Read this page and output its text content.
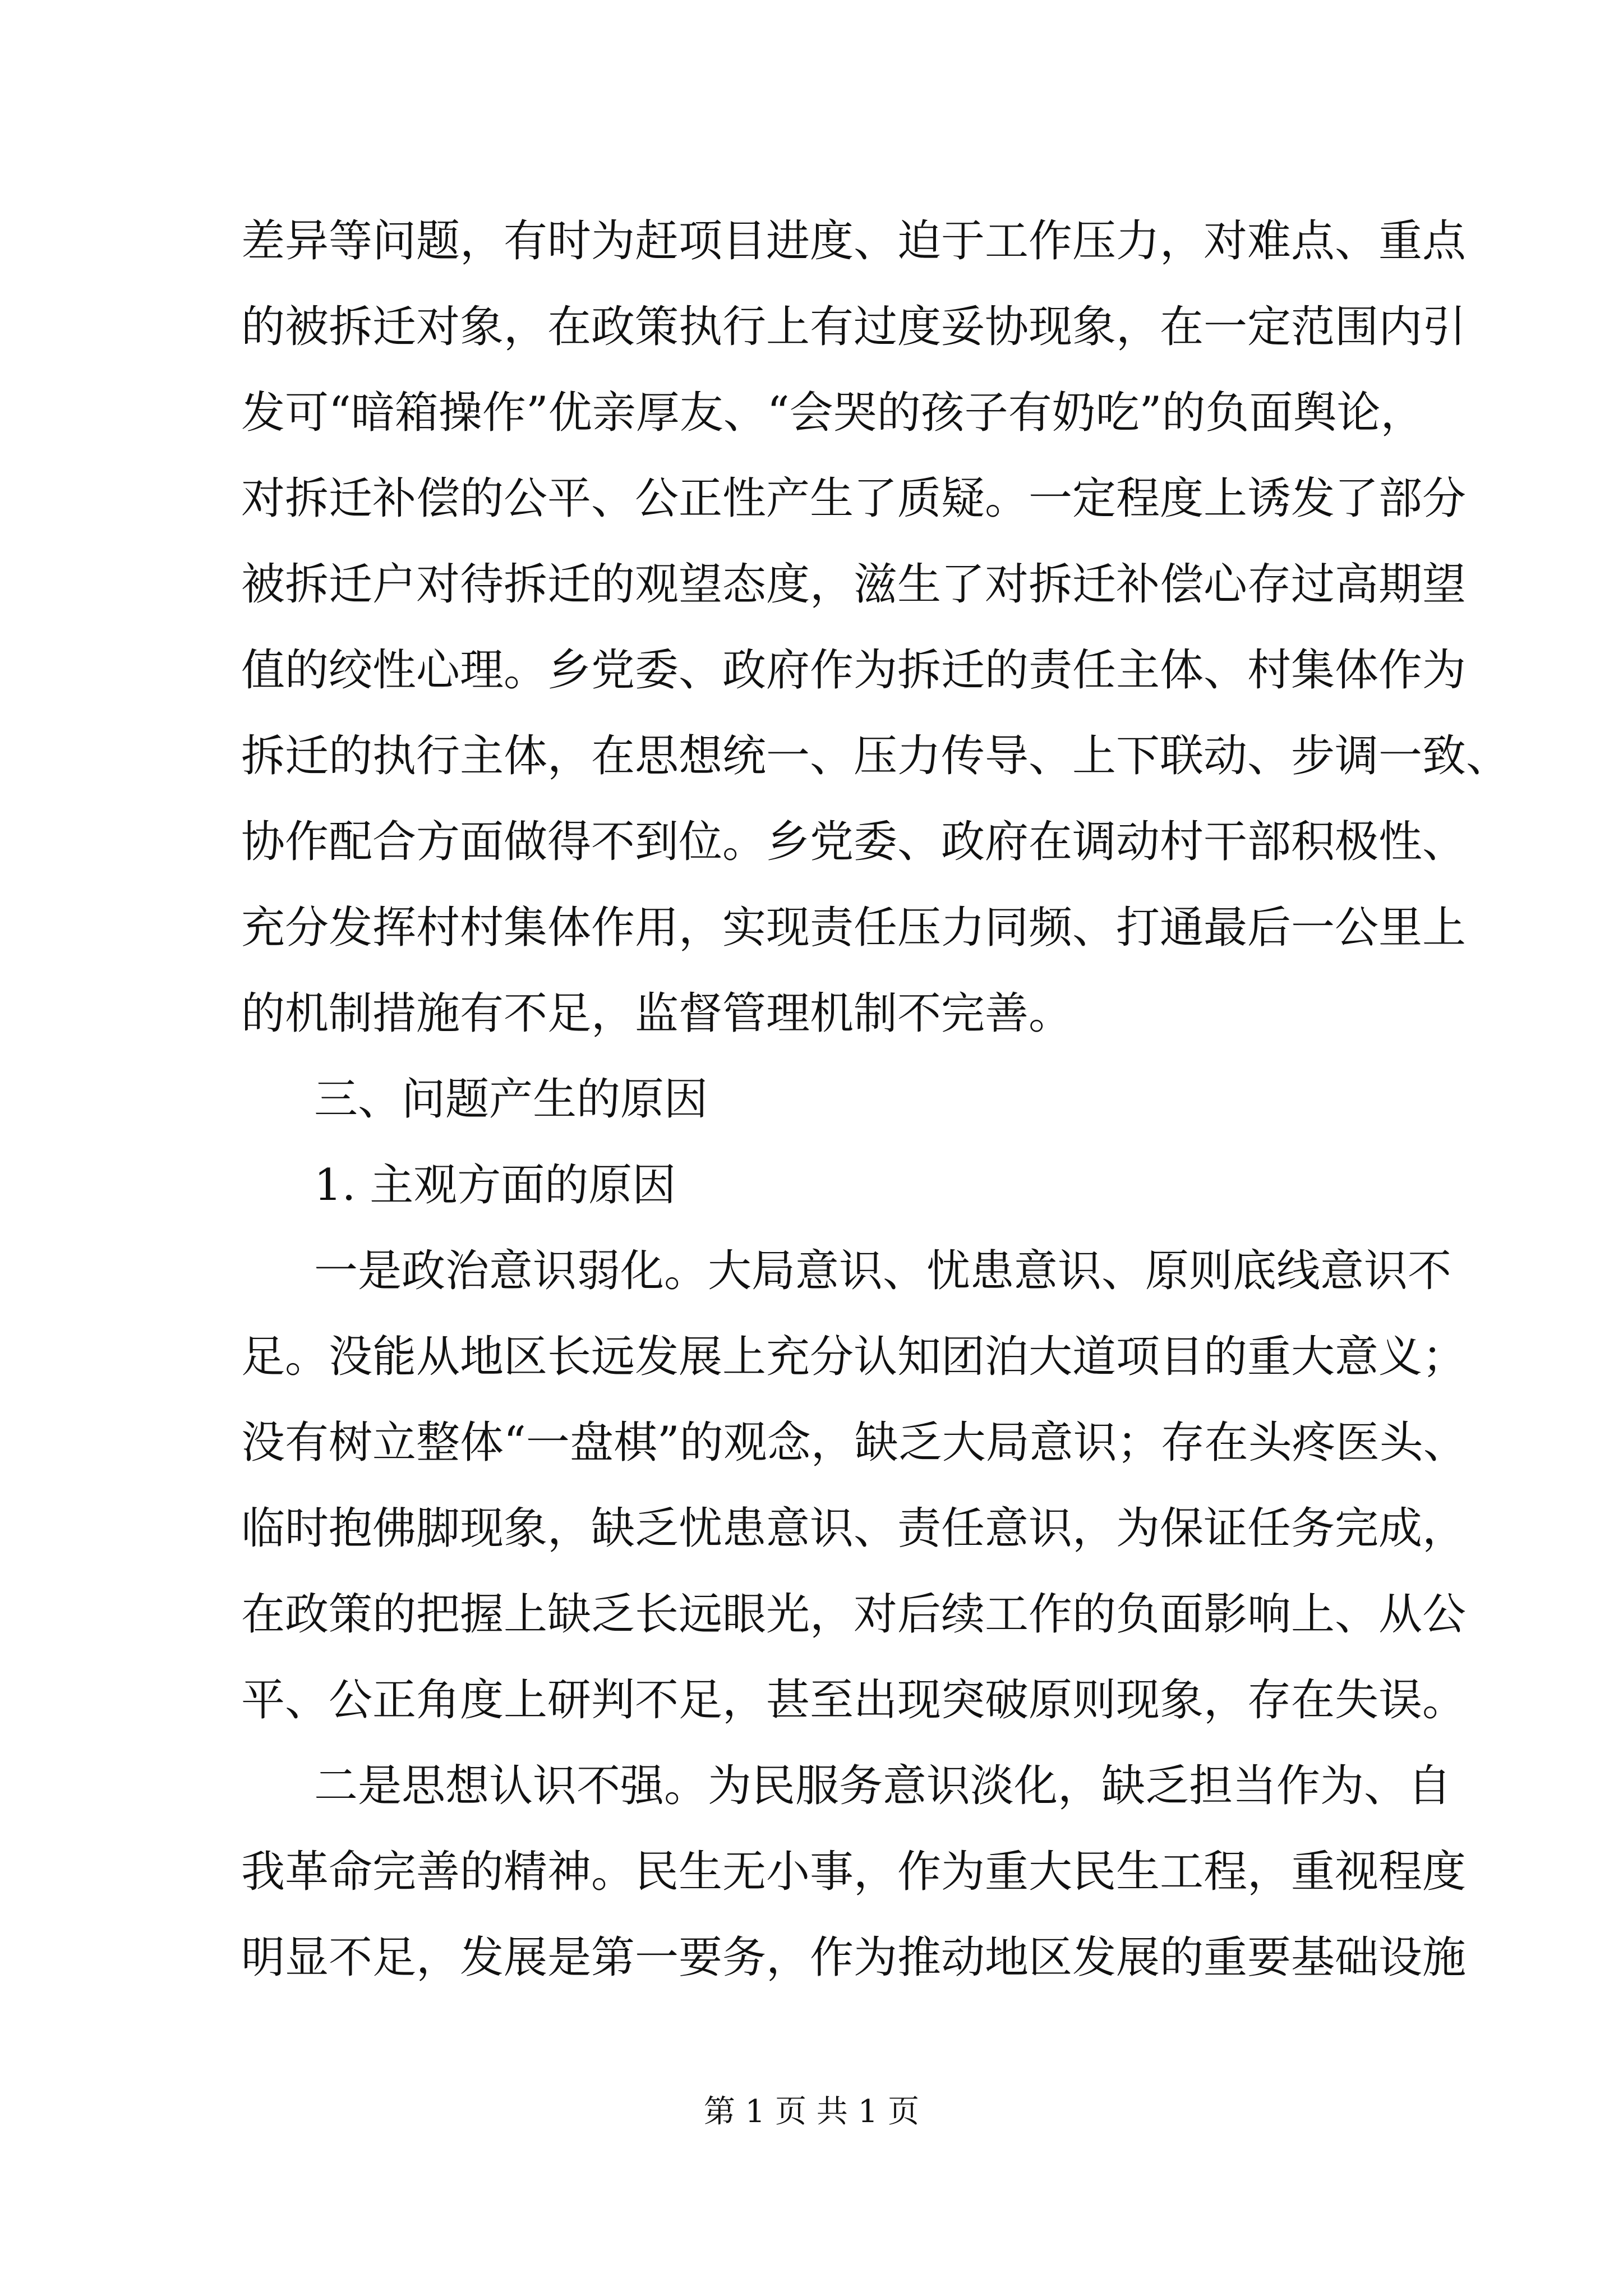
差异等问题，有时为赶项目进度、迫于工作压力，对难点、重点
的被拆迁对象，在政策执行上有过度妥协现象，在一定范围内引
发可“暗箱操作”优亲厚友、“会哭的孩子有奶吃”的负面舆论，
对拆迁补偿的公平、公正性产生了质疑。一定程度上诱发了部分
被拆迁户对待拆迁的观望态度，滋生了对拆迁补偿心存过高期望
值的绞性心理。乡党委、政府作为拆迁的责任主体、村集体作为
拆迁的执行主体，在思想统一、压力传导、上下联动、步调一致、
协作配合方面做得不到位。乡党委、政府在调动村干部积极性、
充分发挥村村集体作用，实现责任压力同频、打通最后一公里上
的机制措施有不足，监督管理机制不完善。
三、问题产生的原因
1. 主观方面的原因
一是政治意识弱化。大局意识、忧患意识、原则底线意识不
足。没能从地区长远发展上充分认知团泊大道项目的重大意义；
没有树立整体“一盘棋”的观念，缺乏大局意识；存在头疼医头、
临时抱佛脚现象，缺乏忧患意识、责任意识，为保证任务完成，
在政策的把握上缺乏长远眼光，对后续工作的负面影响上、从公
平、公正角度上研判不足，甚至出现突破原则现象，存在失误。
二是思想认识不强。为民服务意识淡化，缺乏担当作为、自
我革命完善的精神。民生无小事，作为重大民生工程，重视程度
明显不足，发展是第一要务，作为推动地区发展的重要基础设施
第 1 页 共 1 页
